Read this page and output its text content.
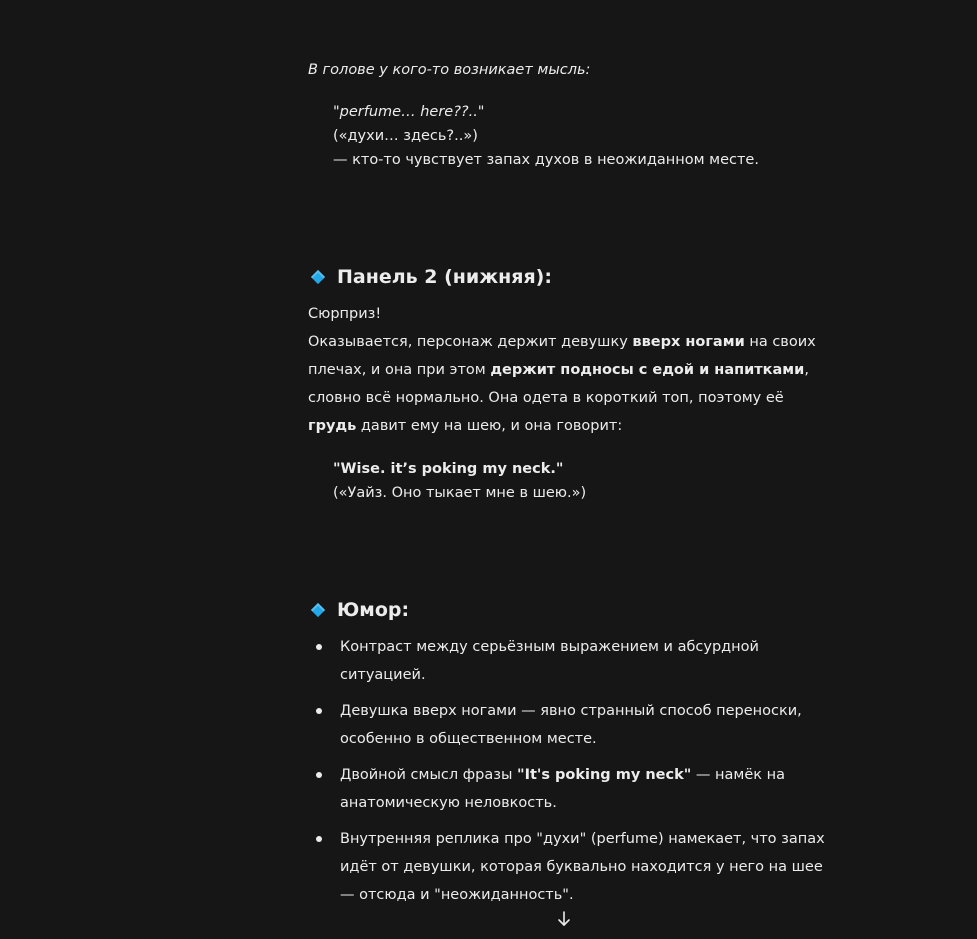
В голове у кого-то возникает мысль:

"perfume… here??.."
(«духи… здесь?..»)
— кто-то чувствует запах духов в неожиданном месте.
Панель 2 (нижняя):

Сюрприз!
Оказывается, персонаж держит девушку вверх ногами на своих плечах, и она при этом держит подносы с едой и напитками, словно всё нормально. Она одета в короткий топ, поэтому её грудь давит ему на шею, и она говорит:

"Wise. it’s poking my neck."
(«Уайз. Оно тыкает мне в шею.»)
Юмор:
Контраст между серьёзным выражением и абсурдной ситуацией.
Девушка вверх ногами — явно странный способ переноски, особенно в общественном месте.
Двойной смысл фразы "It's poking my neck" — намёк на анатомическую неловкость.
Внутренняя реплика про "духи" (perfume) намекает, что запах идёт от девушки, которая буквально находится у него на шее — отсюда и "неожиданность".
